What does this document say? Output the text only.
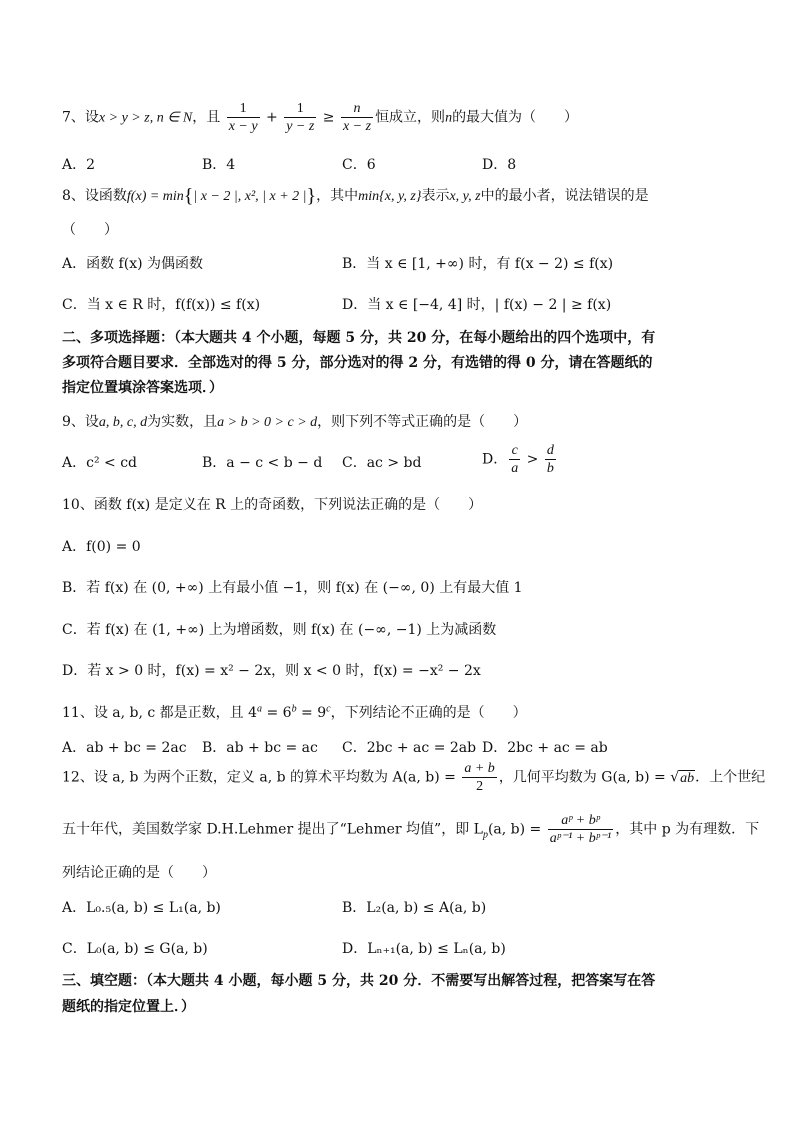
7、设x > y > z, n ∈ N，且 $\frac{1}{x - y} + \frac{1}{y - z} \ge \frac{n}{x - z}$ 恒成立，则n的最大值为（　　）
A．2	B．4	C．6	D．8
8、设函数f(x) = min{| x − 2 |, x², | x + 2 |}，其中min{x, y, z}表示x, y, z中的最小者，说法错误的是
（　　）
A．函数 f(x) 为偶函数	B．当 x ∈ [1, +∞) 时，有 f(x − 2) ≤ f(x)
C．当 x ∈ R 时，f(f(x)) ≤ f(x)	D．当 x ∈ [−4, 4] 时，| f(x) − 2 | ≥ f(x)
二、多项选择题：（本大题共 4 个小题，每题 5 分，共 20 分，在每小题给出的四个选项中，有
多项符合题目要求．全部选对的得 5 分，部分选对的得 2 分，有选错的得 0 分，请在答题纸的
指定位置填涂答案选项．）
9、设a, b, c, d为实数，且a > b > 0 > c > d，则下列不等式正确的是（　　）
A．c² < cd	B．a − c < b − d C．ac > bd	D． $\frac{c}{a} > \frac{d}{b}$
10、函数 f(x) 是定义在 R 上的奇函数，下列说法正确的是（　　）
A．f(0) = 0
B．若 f(x) 在 (0, +∞) 上有最小值 −1，则 f(x) 在 (−∞, 0) 上有最大值 1
C．若 f(x) 在 (1, +∞) 上为增函数，则 f(x) 在 (−∞, −1) 上为减函数
D．若 x > 0 时，f(x) = x² − 2x，则 x < 0 时，f(x) = −x² − 2x
11、设 a, b, c 都是正数，且 $4^a = 6^b = 9^c$，下列结论不正确的是（　　）
A．ab + bc = 2ac B．ab + bc = ac C．2bc + ac = 2ab D．2bc + ac = ab
12、设 a, b 为两个正数，定义 a, b 的算术平均数为 A(a, $b) = \frac{a + b}{2}$ ，几何平均数为 G(a, b) = √ab．上个世纪
五十年代，美国数学家 D.H.Lehmer 提出了“Lehmer 均值”，即 $L_p(a$, $b) = \frac{\text{aᵖ + bᵖ}}{\text{aᵖ⁻¹ + bᵖ⁻¹}}$ ，其中 p 为有理数．下
列结论正确的是（　　）
A．L₀.₅(a, b) ≤ L₁(a, b)	B．L₂(a, b) ≤ A(a, b)
C．L₀(a, b) ≤ G(a, b)	D．Lₙ₊₁(a, b) ≤ Lₙ(a, b)
三、填空题：（本大题共 4 小题，每小题 5 分，共 20 分．不需要写出解答过程，把答案写在答
题纸的指定位置上．）
